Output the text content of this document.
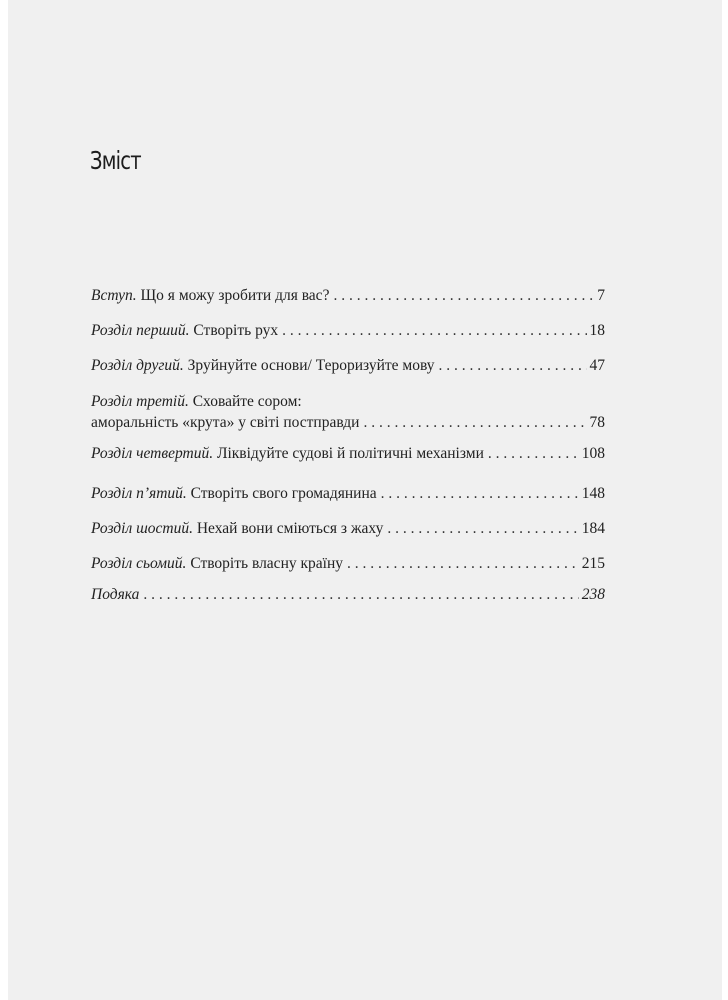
Зміст
Вступ. Що я можу зробити для вас? . . .	7
Розділ перший. Створіть рух . . .	18
Розділ другий. Зруйнуйте основи/ Тероризуйте мову . . .	47
Розділ третій. Сховайте сором:
аморальність «крута» у світі постправди . . .	78
Розділ четвертий. Ліквідуйте судові й політичні механізми . . .	108
Розділ п’ятий. Створіть свого громадянина . . .	148
Розділ шостий. Нехай вони сміються з жаху . . .	184
Розділ сьомий. Створіть власну країну . . .	215
Подяка . . .	238
